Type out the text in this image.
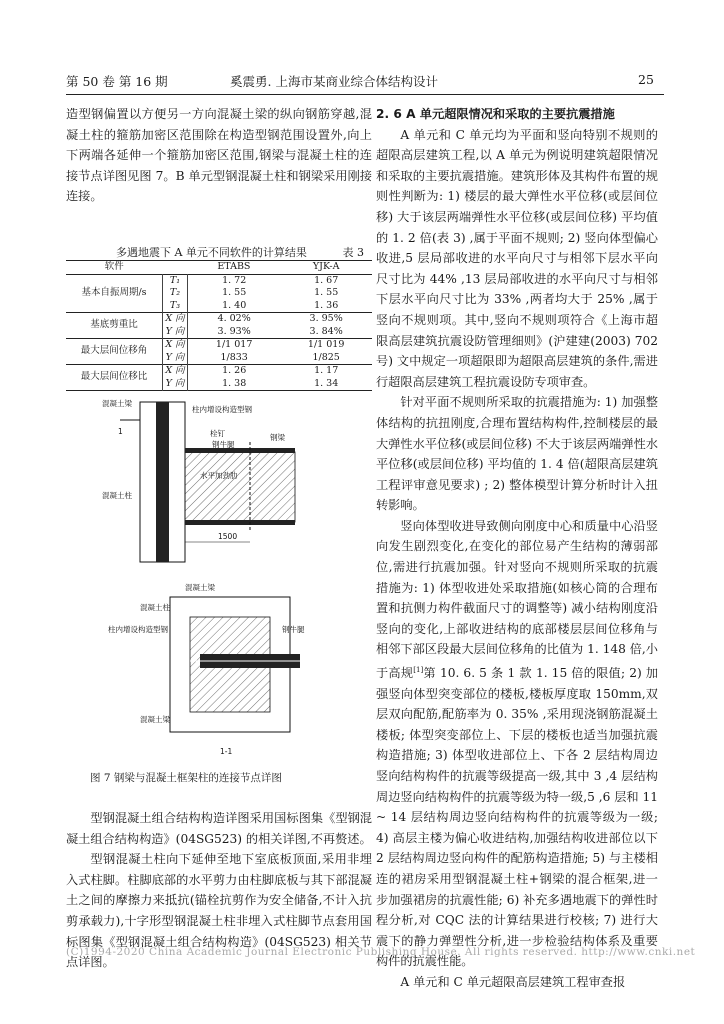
第 50 卷 第 16 期	奚震勇. 上海市某商业综合体结构设计	25

造型钢偏置以方便另一方向混凝土梁的纵向钢筋穿越,混凝土柱的箍筋加密区范围除在构造型钢范围设置外,向上下两端各延伸一个箍筋加密区范围,钢梁与混凝土柱的连接节点详图见图 7。B 单元型钢混凝土柱和钢梁采用刚接连接。

多遇地震下 A 单元不同软件的计算结果	表 3

软件		ETABS	YJK-A
基本自振周期/s	T₁	1. 72	1. 67
	T₂	1. 55	1. 55
	T₃	1. 40	1. 36
基底剪重比	X 向	4. 02%	3. 95%
	Y 向	3. 93%	3. 84%
最大层间位移角	X 向	1/1 017	1/1 019
	Y 向	1/833	1/825
最大层间位移比	X 向	1. 26	1. 17
	Y 向	1. 38	1. 34
混凝土梁
柱内增设构造型钢
栓钉
钢牛腿
钢梁
水平加劲肋
混凝土柱
1500
1
混凝土梁
混凝土柱
柱内增设构造型钢	钢牛腿
混凝土梁
1-1
图 7 钢梁与混凝土框架柱的连接节点详图

型钢混凝土组合结构构造详图采用国标图集《型钢混凝土组合结构构造》(04SG523) 的相关详图,不再赘述。

型钢混凝土柱向下延伸至地下室底板顶面,采用非埋入式柱脚。柱脚底部的水平剪力由柱脚底板与其下部混凝土之间的摩擦力来抵抗(锚栓抗剪作为安全储备,不计入抗剪承载力),十字形型钢混凝土柱非埋入式柱脚节点套用国标图集《型钢混凝土组合结构构造》(04SG523) 相关节点详图。

2. 6 A 单元超限情况和采取的主要抗震措施

A 单元和 C 单元均为平面和竖向特别不规则的超限高层建筑工程,以 A 单元为例说明建筑超限情况和采取的主要抗震措施。建筑形体及其构件布置的规则性判断为: 1) 楼层的最大弹性水平位移(或层间位移) 大于该层两端弹性水平位移(或层间位移) 平均值的 1. 2 倍(表 3) ,属于平面不规则; 2) 竖向体型偏心收进,5 层局部收进的水平向尺寸与相邻下层水平向尺寸比为 44% ,13 层局部收进的水平向尺寸与相邻下层水平向尺寸比为 33% ,两者均大于 25% ,属于竖向不规则项。其中,竖向不规则项符合《上海市超限高层建筑抗震设防管理细则》(沪建建(2003) 702 号) 文中规定一项超限即为超限高层建筑的条件,需进行超限高层建筑工程抗震设防专项审查。

针对平面不规则所采取的抗震措施为: 1) 加强整体结构的抗扭刚度,合理布置结构构件,控制楼层的最大弹性水平位移(或层间位移) 不大于该层两端弹性水平位移(或层间位移) 平均值的 1. 4 倍(超限高层建筑工程评审意见要求) ; 2) 整体模型计算分析时计入扭转影响。

竖向体型收进导致侧向刚度中心和质量中心沿竖向发生剧烈变化,在变化的部位易产生结构的薄弱部位,需进行抗震加强。针对竖向不规则所采取的抗震措施为: 1) 体型收进处采取措施(如核心筒的合理布置和抗侧力构件截面尺寸的调整等) 减小结构刚度沿竖向的变化,上部收进结构的底部楼层层间位移角与相邻下部区段最大层间位移角的比值为 1. 148 倍,小于高规[1]第 10. 6. 5 条 1 款 1. 15 倍的限值; 2) 加强竖向体型突变部位的楼板,楼板厚度取 150mm,双层双向配筋,配筋率为 0. 35% ,采用现浇钢筋混凝土楼板; 体型突变部位上、下层的楼板也适当加强抗震构造措施; 3) 体型收进部位上、下各 2 层结构周边竖向结构构件的抗震等级提高一级,其中 3 ,4 层结构周边竖向结构构件的抗震等级为特一级,5 ,6 层和 11 ~ 14 层结构周边竖向结构构件的抗震等级为一级; 4) 高层主楼为偏心收进结构,加强结构收进部位以下 2 层结构周边竖向构件的配筋构造措施; 5) 与主楼相连的裙房采用型钢混凝土柱+钢梁的混合框架,进一步加强裙房的抗震性能; 6) 补充多遇地震下的弹性时程分析,对 CQC 法的计算结果进行校核; 7) 进行大震下的静力弹塑性分析,进一步检验结构体系及重要构件的抗震性能。

A 单元和 C 单元超限高层建筑工程审查报

(C)1994-2020 China Academic Journal Electronic Publishing House. All rights reserved. http://www.cnki.net
